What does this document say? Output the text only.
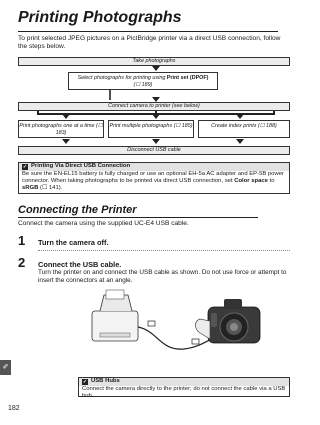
Printing Photographs
To print selected JPEG pictures on a PictBridge printer via a direct USB connection, follow the steps below.
Take photographs
Select photographs for printing using Print set (DPOF)
(☐ 189)
Connect camera to printer (see below)
Print photographs one at a time (☐ 183)
Print multiple photographs (☐ 185)	Create index prints (☐ 188)
Disconnect USB cable
✓ Printing Via Direct USB Connection
Be sure the EN-EL15 battery is fully charged or use an optional EH-5a AC adapter and EP-5B power connector. When taking photographs to be printed via direct USB connection, set Color space to sRGB (☐ 141).
Connecting the Printer
Connect the camera using the supplied UC-E4 USB cable.
1 Turn the camera off.
2 Connect the USB cable.
Turn the printer on and connect the USB cable as shown. Do not use force or attempt to insert the connectors at an angle.
✓ USB Hubs
Connect the camera directly to the printer; do not connect the cable via a USB hub.
✐
182
